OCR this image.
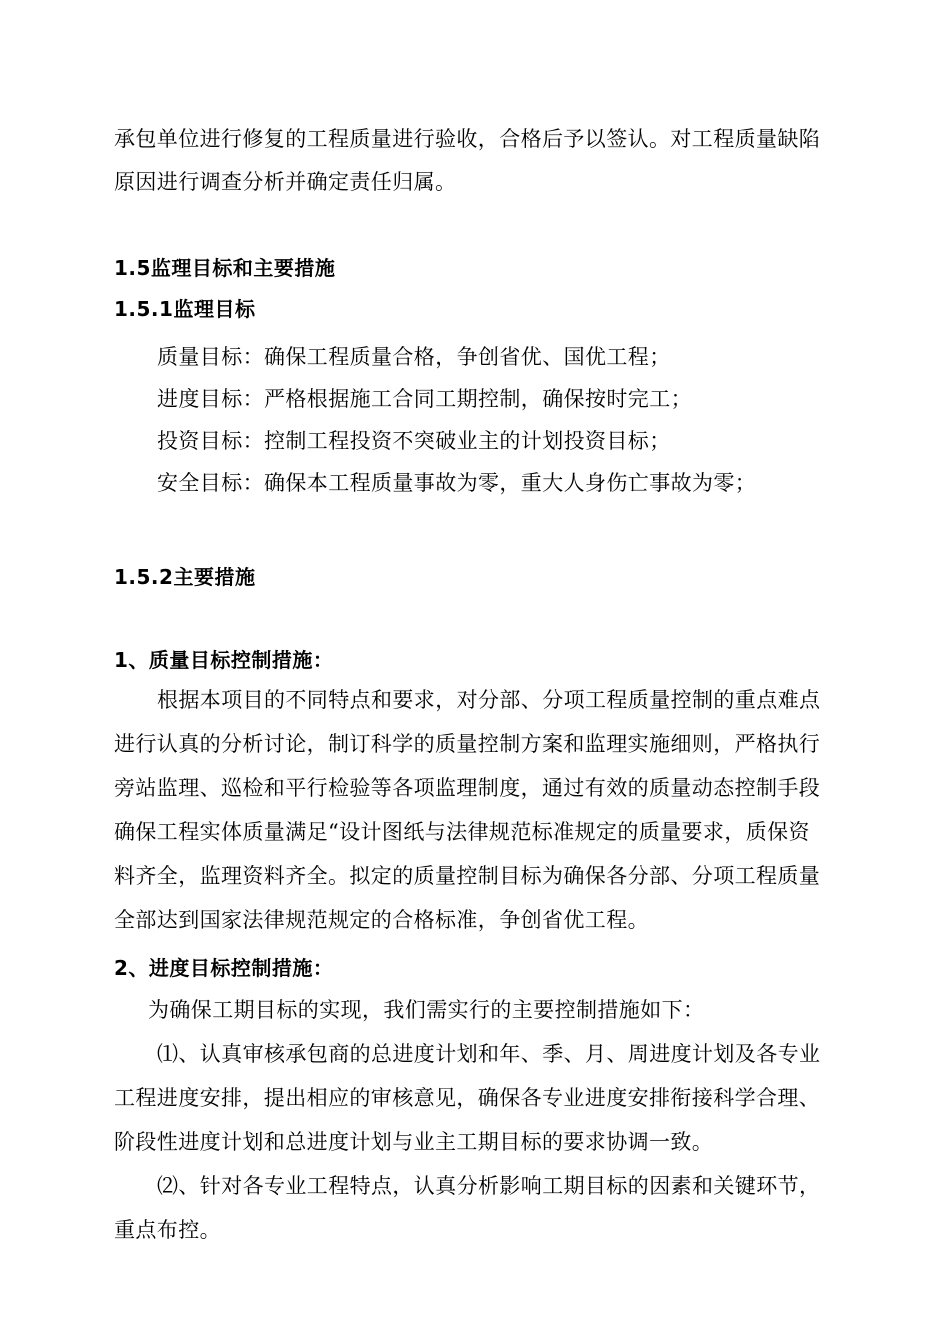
承包单位进行修复的工程质量进行验收，合格后予以签认。对工程质量缺陷
原因进行调查分析并确定责任归属。
1.5监理目标和主要措施
1.5.1监理目标
质量目标：确保工程质量合格，争创省优、国优工程；
进度目标：严格根据施工合同工期控制，确保按时完工；
投资目标：控制工程投资不突破业主的计划投资目标；
安全目标：确保本工程质量事故为零，重大人身伤亡事故为零；
1.5.2主要措施
1、质量目标控制措施：
根据本项目的不同特点和要求，对分部、分项工程质量控制的重点难点
进行认真的分析讨论，制订科学的质量控制方案和监理实施细则，严格执行
旁站监理、巡检和平行检验等各项监理制度，通过有效的质量动态控制手段
确保工程实体质量满足“设计图纸与法律规范标准规定的质量要求，质保资
料齐全，监理资料齐全。拟定的质量控制目标为确保各分部、分项工程质量
全部达到国家法律规范规定的合格标准，争创省优工程。
2、进度目标控制措施：
为确保工期目标的实现，我们需实行的主要控制措施如下：
⑴、认真审核承包商的总进度计划和年、季、月、周进度计划及各专业
工程进度安排，提出相应的审核意见，确保各专业进度安排衔接科学合理、
阶段性进度计划和总进度计划与业主工期目标的要求协调一致。
⑵、针对各专业工程特点，认真分析影响工期目标的因素和关键环节，
重点布控。
